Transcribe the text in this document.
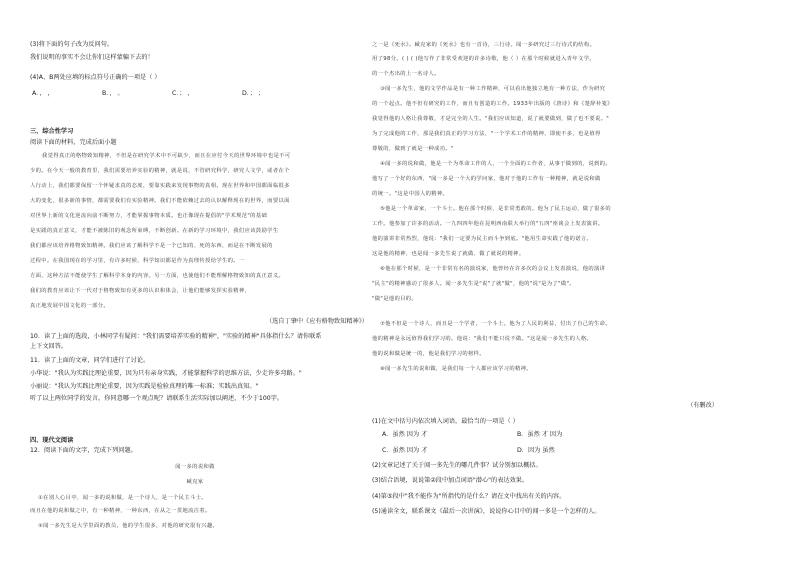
(3)将下面的句子改为反问句。
我们说明的事实不会让你们这样蒙骗下去的！
(4)A、B两处应填的标点符号正确的一项是（ ）
A．， ，	B．， 。	C．； ，	D．； ；
三、综合性学习
阅读下面的材料，完成后面小题
我觉得真正的格物致知精神，不但是在研究学术中不可缺少，而且在应付今天的世界环境中也是不可
少的。在今天一般的教育里，我们需要培养实验的精神，就是说，不管研究科学，研究人文学，或者在个
人行动上，我们都要保留一个怀疑求真的态度，要靠实践来发现事物的真相。现在世界和中国都面临很多
大的变化，很多新的事情，都需要我们有实验精神。我们不能依赖过去的认识解释现在的世界，而要以面
对世界上新的文化逆流向前不断努力，才能掌握事物本质。也正像现在提倡的"学术规范"的基础
是实践的真正意义，才能不被陈旧的观念所束缚，不断创新。在新的学习环境中，我们应该鼓励学生
我们都应该培养格物致知精神。我们应该了解科学不是一个已知的、死的东西，而是在不断发展的
过程中。在我国现在的学习里，有许多时候，科学知识都是作为真理传授给学生的。一
方面，这种方法不能使学生了解科学本身的内容。另一方面，也使他们不能理解格物致知的真正意义。
我们的教育应该让下一代对于格物致知有更多的认识和体会，让他们能够发挥实验精神，
真正地发展中国文化的一部分。
（选自丁肇中《应有格物致知精神》）
10．读了上面的选段，小林同学有疑问："我们需要培养实验的精神"，"实验的精神"具体指什么？请你联系
上下文回答。
11．读了上面的文章，同学们进行了讨论。
小华说："我认为实践比理论重要，因为只有亲身实践，才能掌握科学的思维方法，少走许多弯路。"
小丽说："我认为实践比理论重要，因为实践是检验真理的唯一标准；实践出真知。"
听了以上两位同学的发言，你同意哪一个观点呢？请联系生活实际加以阐述，不少于100字。
四、现代文阅读
12．阅读下面的文字，完成下列问题。
闻一多的说和做
臧克家
①在别人心目中，闻一多的说和做，是一个诗人，是一个民主斗士。
而且在他的说和做之中，有一种精神，一种东西，在从之一贯地流注着。
②闻一多先生是大学里面的教员，他的学生很多，对他的研究很有兴趣。
之一是《死水》。臧克家的《死水》也有一首诗，三行诗。闻一多研究过三行诗式的结构。
用了98分。( ) ( )他写作了非常受欢迎的许多诗歌，他（ ）在那个时候就进入青年文学。
的一个杰出的上一名诗人。
③闻一多先生，他的文学作品是有一种工作精神，可以看出他独立地有一种方法，作为研究
的一个起点。他不但有研究的工作，而且有创造的工作。1933年出版的《唐诗》和《楚辞补笺》
我觉得他的人格让我尊敬，才是完全的人生。"我们应该知道，说了就要做到，做了也不要说。"
为了完成他的工作，那是我们真正的学习方法，"一个学术工作的精神，即使不多，也是值得
尊敬的，做到了就是一种成功。"
④闻一多的说和做，他是一个为革命工作的人，一个全面的工作者，从事于做到的，说到的。
他写了一个好的东西，"闻一多是一个大的学问家，他对于他的工作有一种精神，就是说和做
的统一。"这是中国人的精神。
⑤他是一个革命家，一个斗士。他在那个时候，是非常勇敢的。他为了民主运动，做了很多的
工作。他参加了许多的活动。一九四四年他在昆明西南联大举行的"五四"座谈会上发表演讲。
他的演讲非常热烈，他说："我们一定要为民主而斗争到底。"他用生命实践了他的诺言。
这是他的精神，也是闻一多先生说了就做、做了就说的精神。
⑥他在那个时候，是一个非常有名的演说家，他曾经在许多次的会议上发表演说，他的演讲
"民主"的精神感动了很多人。闻一多先生是"说"了就"做"，他的"说"是为了"做"。
"做"是他的目的。
⑦他不但是一个诗人，而且是一个学者，一个斗士。他为了人民的利益，付出了自己的生命。
他的精神是永远值得我们学习的。他说："我们不能只说不做。"这是闻一多先生的人格。
他的说和做是统一的，他是我们学习的榜样。
⑧闻一多先生的说和做，是我们每一个人都应该学习的精神。
（有删改）
(1)在文中括号内依次填入词语，最恰当的一项是（ ）
A．虽然 因为 才	B．虽然 才 因为
C．虽然 因为 才	D．因为 虽然
(2)文章记述了关于闻一多先生的哪几件事？试分别加以概括。
(3)结合语境，说说第②段中加点词语"潜心"的表达效果。
(4)第⑤段中"我不能作为"所指代的是什么？请在文中找出有关的内容。
(5)通读全文，联系课文《最后一次讲演》，说说你心目中的闻一多是一个怎样的人。
